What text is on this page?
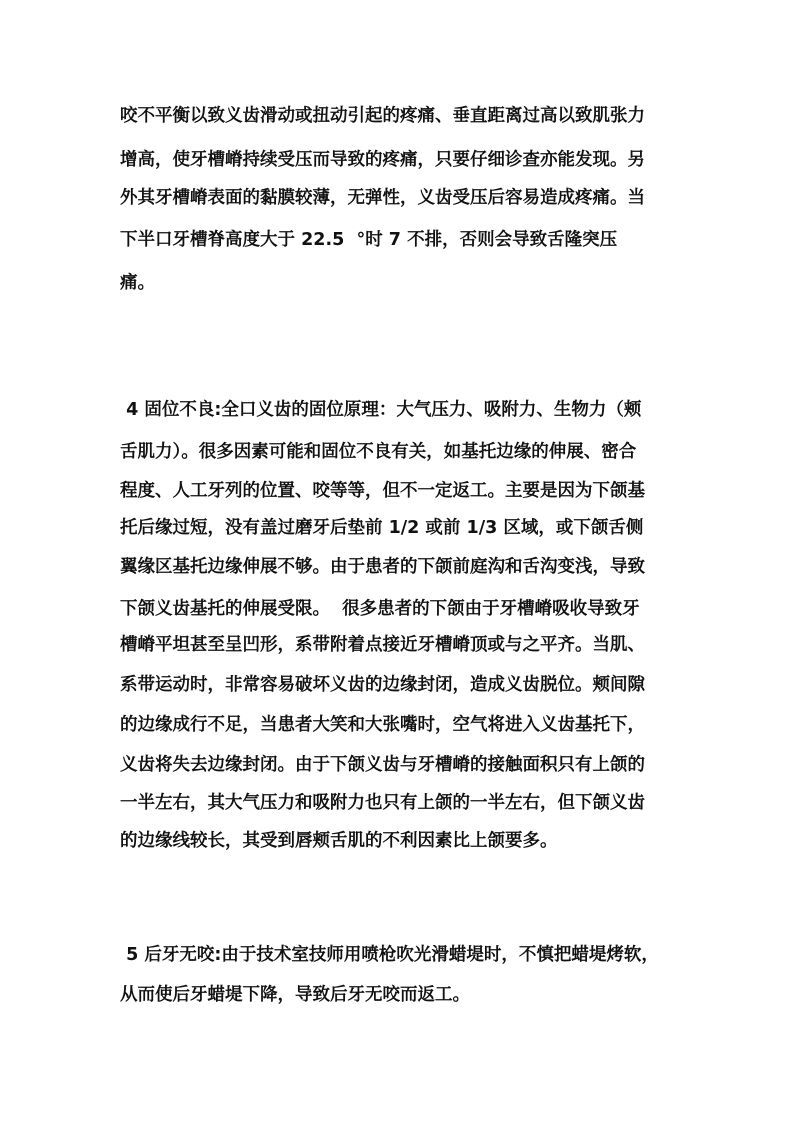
咬不平衡以致义齿滑动或扭动引起的疼痛、垂直距离过高以致肌张力
增高，使牙槽嵴持续受压而导致的疼痛，只要仔细诊查亦能发现。另
外其牙槽嵴表面的黏膜较薄，无弹性，义齿受压后容易造成疼痛。当
下半口牙槽脊高度大于 22.5  °时 7 不排，否则会导致舌隆突压
痛。
4 固位不良:全口义齿的固位原理：大气压力、吸附力、生物力（颊
舌肌力）。很多因素可能和固位不良有关，如基托边缘的伸展、密合
程度、人工牙列的位置、咬等等，但不一定返工。主要是因为下颌基
托后缘过短，没有盖过磨牙后垫前 1/2 或前 1/3 区域，或下颌舌侧
翼缘区基托边缘伸展不够。由于患者的下颌前庭沟和舌沟变浅，导致
下颌义齿基托的伸展受限。  很多患者的下颌由于牙槽嵴吸收导致牙
槽嵴平坦甚至呈凹形，系带附着点接近牙槽嵴顶或与之平齐。当肌、
系带运动时，非常容易破坏义齿的边缘封闭，造成义齿脱位。颊间隙
的边缘成行不足，当患者大笑和大张嘴时，空气将进入义齿基托下，
义齿将失去边缘封闭。由于下颌义齿与牙槽嵴的接触面积只有上颌的
一半左右，其大气压力和吸附力也只有上颌的一半左右，但下颌义齿
的边缘线较长，其受到唇颊舌肌的不利因素比上颌要多。
5 后牙无咬:由于技术室技师用喷枪吹光滑蜡堤时，不慎把蜡堤烤软，
从而使后牙蜡堤下降，导致后牙无咬而返工。
